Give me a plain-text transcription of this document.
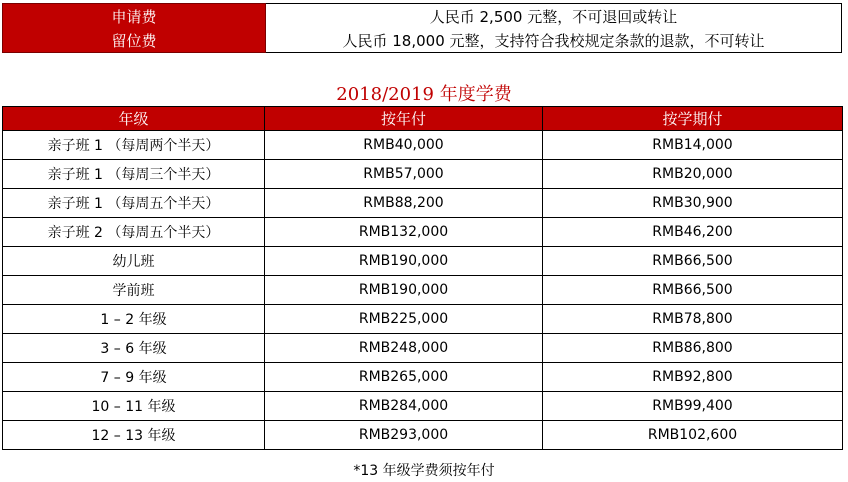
申请费	人民币 2,500 元整，不可退回或转让
留位费	人民币 18,000 元整，支持符合我校规定条款的退款，不可转让
2018/2019 年度学费
年级	按年付	按学期付
亲子班 1 （每周两个半天）	RMB40,000	RMB14,000
亲子班 1 （每周三个半天）	RMB57,000	RMB20,000
亲子班 1 （每周五个半天）	RMB88,200	RMB30,900
亲子班 2 （每周五个半天）	RMB132,000	RMB46,200
幼儿班	RMB190,000	RMB66,500
学前班	RMB190,000	RMB66,500
1 – 2 年级	RMB225,000	RMB78,800
3 – 6 年级	RMB248,000	RMB86,800
7 – 9 年级	RMB265,000	RMB92,800
10 – 11 年级	RMB284,000	RMB99,400
12 – 13 年级	RMB293,000	RMB102,600
*13 年级学费须按年付
